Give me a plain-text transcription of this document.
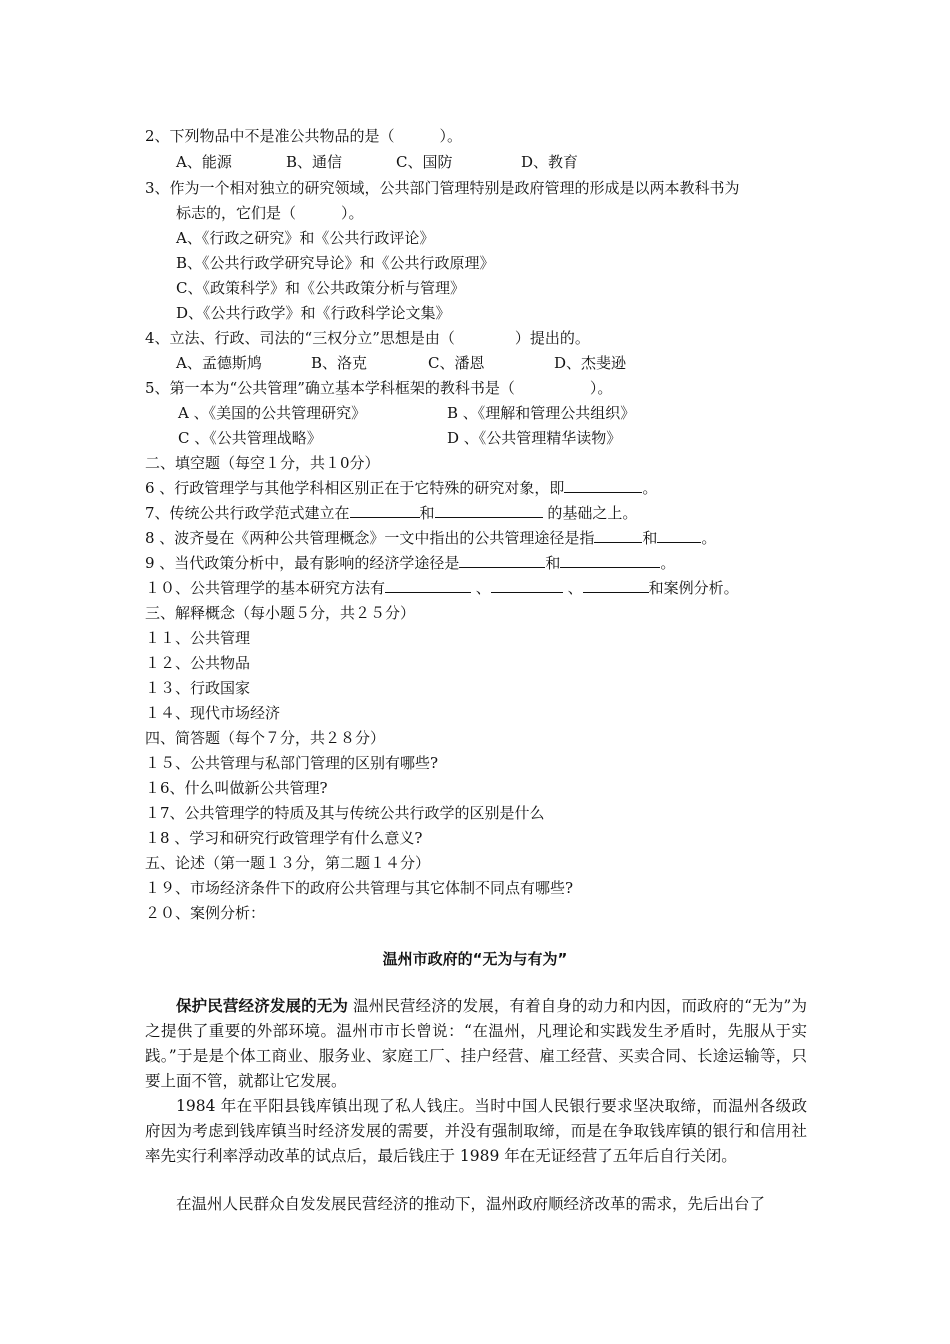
2、下列物品中不是准公共物品的是（　　　）。
A、能源	B、通信	C、国防	D、教育
3、作为一个相对独立的研究领域，公共部门管理特别是政府管理的形成是以两本教科书为
标志的，它们是（　　　）。
A、《行政之研究》和《公共行政评论》
B、《公共行政学研究导论》和《公共行政原理》
C、《政策科学》和《公共政策分析与管理》
D、《公共行政学》和《行政科学论文集》
4、立法、行政、司法的“三权分立”思想是由（　　　　）提出的。
A、孟德斯鸠	B、洛克	C、潘恩	D、杰斐逊
5、第一本为“公共管理”确立基本学科框架的教科书是（　　　　　）。
A 、《美国的公共管理研究》	B 、《理解和管理公共组织》
C 、《公共管理战略》	D 、《公共管理精华读物》
二、填空题（每空１分，共１0分）
6 、行政管理学与其他学科相区别正在于它特殊的研究对象，即	。
7、传统公共行政学范式建立在	和	的基础之上。
8 、波齐曼在《两种公共管理概念》一文中指出的公共管理途径是指	和	。
9 、当代政策分析中，最有影响的经济学途径是	和	。
１０、公共管理学的基本研究方法有	、	、	和案例分析。
三、解释概念（每小题５分，共２５分）
１１、公共管理
１２、公共物品
１３、行政国家
１４、现代市场经济
四、简答题（每个７分，共２８分）
１５、公共管理与私部门管理的区别有哪些?
１6、什么叫做新公共管理?
１7、公共管理学的特质及其与传统公共行政学的区别是什么
１8 、学习和研究行政管理学有什么意义?
五、论述（第一题１３分，第二题１４分）
１９、市场经济条件下的政府公共管理与其它体制不同点有哪些?
２０、案例分析：
温州市政府的“无为与有为”
保护民营经济发展的无为 温州民营经济的发展，有着自身的动力和内因，而政府的“无为”为之提供了重要的外部环境。温州市市长曾说：“在温州，凡理论和实践发生矛盾时，先服从于实践。”于是是个体工商业、服务业、家庭工厂、挂户经营、雇工经营、买卖合同、长途运输等，只要上面不管，就都让它发展。
1984 年在平阳县钱库镇出现了私人钱庄。当时中国人民银行要求坚决取缔，而温州各级政府因为考虑到钱库镇当时经济发展的需要，并没有强制取缔，而是在争取钱库镇的银行和信用社率先实行利率浮动改革的试点后，最后钱庄于 1989 年在无证经营了五年后自行关闭。
在温州人民群众自发发展民营经济的推动下，温州政府顺经济改革的需求，先后出台了
